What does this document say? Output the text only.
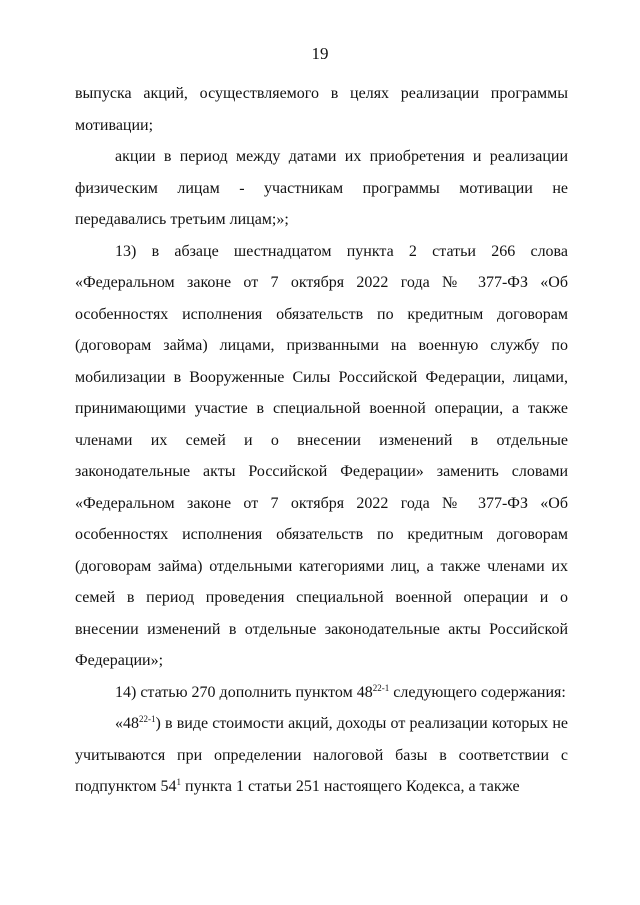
19

выпуска акций, осуществляемого в целях реализации программы мотивации;

акции в период между датами их приобретения и реализации физическим лицам - участникам программы мотивации не передавались третьим лицам;»;

13) в абзаце шестнадцатом пункта 2 статьи 266 слова «Федеральном законе от 7 октября 2022 года № 377-ФЗ «Об особенностях исполнения обязательств по кредитным договорам (договорам займа) лицами, призванными на военную службу по мобилизации в Вооруженные Силы Российской Федерации, лицами, принимающими участие в специальной военной операции, а также членами их семей и о внесении изменений в отдельные законодательные акты Российской Федерации» заменить словами «Федеральном законе от 7 октября 2022 года № 377-ФЗ «Об особенностях исполнения обязательств по кредитным договорам (договорам займа) отдельными категориями лиц, а также членами их семей в период проведения специальной военной операции и о внесении изменений в отдельные законодательные акты Российской Федерации»;

14) статью 270 дополнить пунктом 48$^{22-1}$ следующего содержания:

«48$^{22-1}$) в виде стоимости акций, доходы от реализации которых не учитываются при определении налоговой базы в соответствии с подпунктом $54^1$ пункта 1 статьи 251 настоящего Кодекса, а также
